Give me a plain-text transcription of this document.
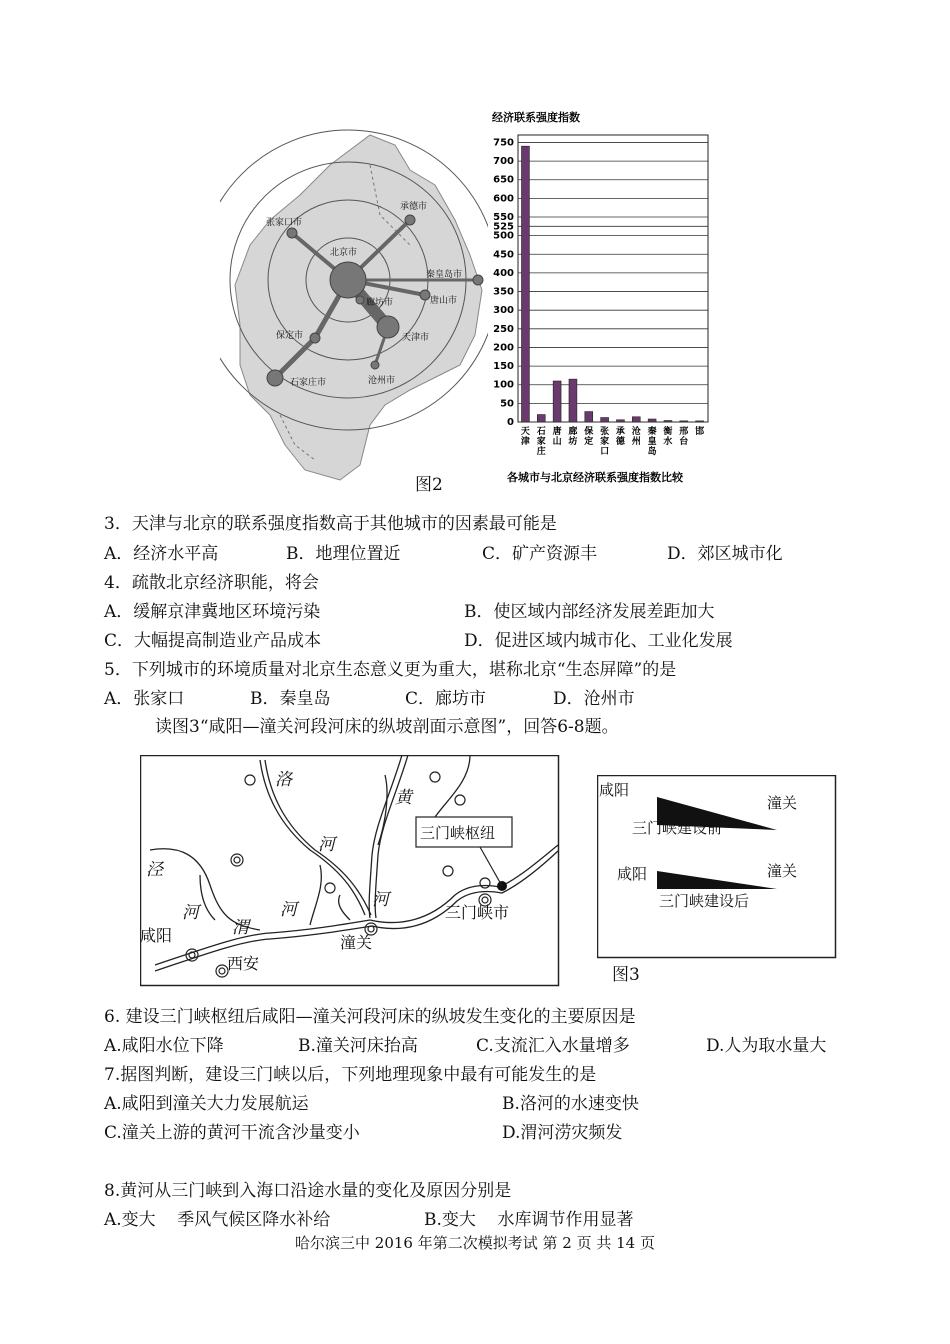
张家口市
承德市
北京市
秦皇岛市
唐山市
廊坊市
天津市
保定市
石家庄市	沧州市
图2
经济联系强度指数
各城市与北京经济联系强度指数比较
0
50
100
150
200
250
300
350
400
450
500
525
550
600
650
700
750
天津
石家庄
唐山
廊坊
保定
张家口
承德
沧州
秦皇岛
衡水
邢台
邯
3．天津与北京的联系强度指数高于其他城市的因素最可能是
A．经济水平高	B．地理位置近	C．矿产资源丰	D．郊区城市化
4．疏散北京经济职能，将会
A．缓解京津冀地区环境污染	B．使区域内部经济发展差距加大
C．大幅提高制造业产品成本	D．促进区域内城市化、工业化发展
5．下列城市的环境质量对北京生态意义更为重大，堪称北京“生态屏障”的是
A．张家口	B．秦皇岛	C．廊坊市	D．沧州市
读图3“咸阳—潼关河段河床的纵坡剖面示意图”，回答6-8题。
洛
河
黄
泾
河
渭
河	河
咸阳
西安
潼关
三门峡市
三门峡枢纽
咸阳
潼关
三门峡建设前
咸阳	潼关
三门峡建设后
图3
6. 建设三门峡枢纽后咸阳—潼关河段河床的纵坡发生变化的主要原因是
A.咸阳水位下降	B.潼关河床抬高	C.支流汇入水量增多	D.人为取水量大
7.据图判断，建设三门峡以后，下列地理现象中最有可能发生的是
A.咸阳到潼关大力发展航运	B.洛河的水速变快
C.潼关上游的黄河干流含沙量变小	D.渭河涝灾频发
8.黄河从三门峡到入海口沿途水量的变化及原因分别是
A.变大    季风气候区降水补给	B.变大    水库调节作用显著
哈尔滨三中 2016 年第二次模拟考试 第 2 页 共 14 页
